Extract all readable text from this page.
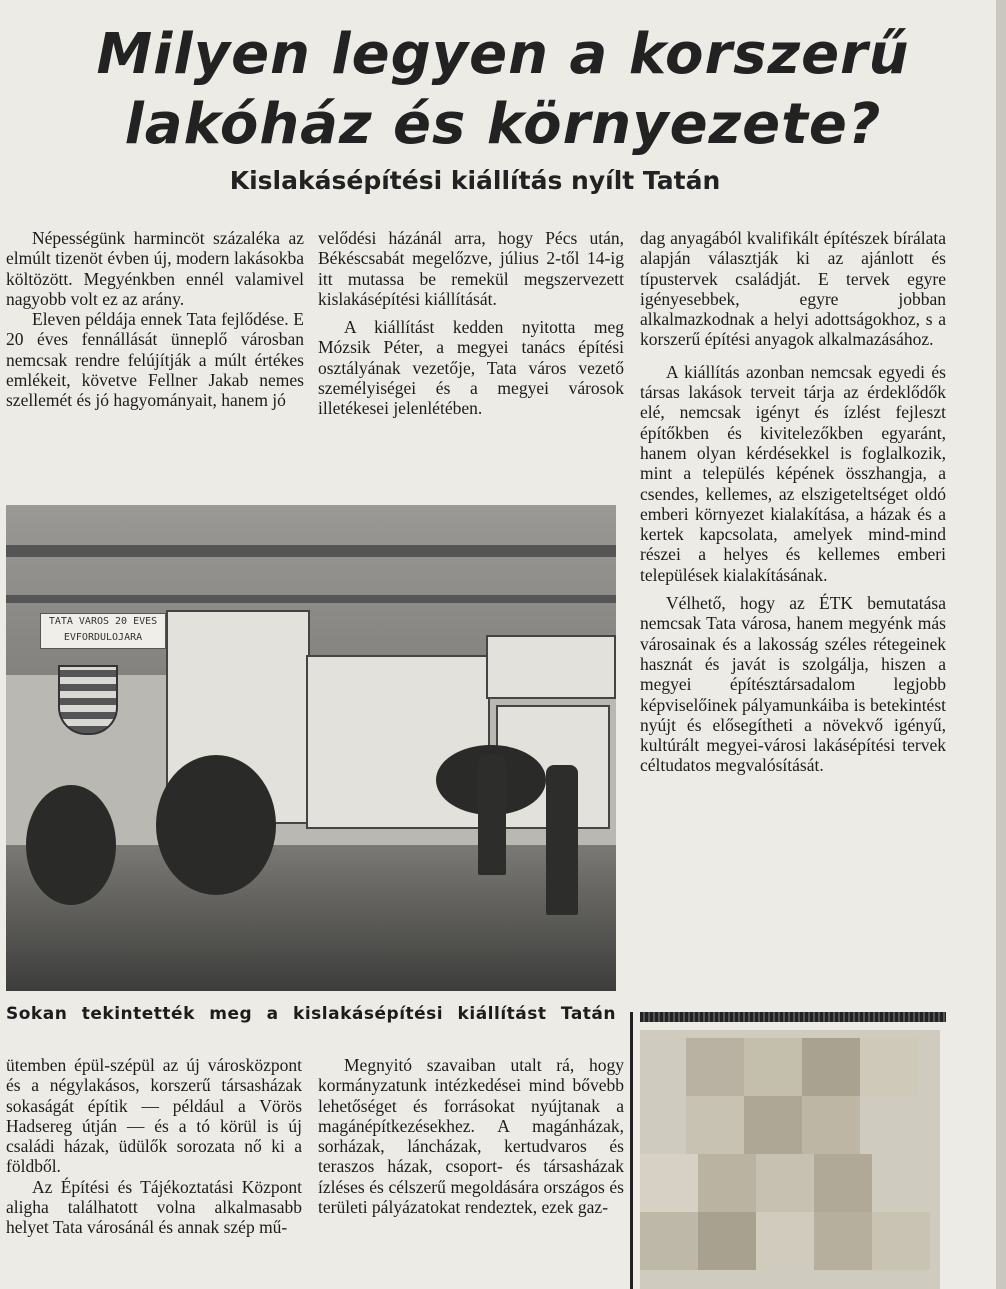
Milyen legyen a korszerű
lakóház és környezete?
Kislakásépítési kiállítás nyílt Tatán

Népességünk harmincöt százaléka az elmúlt tizenöt évben új, modern lakásokba költözött. Megyénkben ennél valamivel nagyobb volt ez az arány.

Eleven példája ennek Tata fejlődése. E 20 éves fennállását ünneplő városban nemcsak rendre felújítják a múlt értékes emlékeit, követve Fellner Jakab nemes szellemét és jó hagyományait, hanem jó

velődési házánál arra, hogy Pécs után, Békéscsabát megelőzve, július 2-től 14-ig itt mutassa be remekül megszervezett kislakásépítési kiállítását.

A kiállítást kedden nyitotta meg Mózsik Péter, a megyei tanács építési osztályának vezetője, Tata város vezető személyiségei és a megyei városok illetékesei jelenlétében.

dag anyagából kvalifikált építészek bírálata alapján választják ki az ajánlott és típustervek családját. E tervek egyre igényesebbek, egyre jobban alkalmazkodnak a helyi adottságokhoz, s a korszerű építési anyagok alkalmazásához.

A kiállítás azonban nemcsak egyedi és társas lakások terveit tárja az érdeklődők elé, nemcsak igényt és ízlést fejleszt építőkben és kivitelezőkben egyaránt, hanem olyan kérdésekkel is foglalkozik, mint a település képének összhangja, a csendes, kellemes, az elszigeteltséget oldó emberi környezet kialakítása, a házak és a kertek kapcsolata, amelyek mind-mind részei a helyes és kellemes emberi települések kialakításának.

Vélhető, hogy az ÉTK bemutatása nemcsak Tata városa, hanem megyénk más városainak és a lakosság széles rétegeinek hasznát és javát is szolgálja, hiszen a megyei építésztársadalom legjobb képviselőinek pályamunkáiba is betekintést nyújt és elősegítheti a növekvő igényű, kultúrált megyei-városi lakásépítési tervek céltudatos megvalósítását.

TATA VAROS 20 EVES
EVFORDULOJARA
Sokan tekintették meg a kislakásépítési kiállítást Tatán

ütemben épül-szépül az új városközpont és a négylakásos, korszerű társasházak sokaságát építik — például a Vörös Hadsereg útján — és a tó körül is új családi házak, üdülők sorozata nő ki a földből.

Az Építési és Tájékoztatási Központ aligha találhatott volna alkalmasabb helyet Tata városánál és annak szép mű-

Megnyitó szavaiban utalt rá, hogy kormányzatunk intézkedései mind bővebb lehetőséget és forrásokat nyújtanak a magánépítkezésekhez. A magánházak, sorházak, láncházak, kertudvaros és teraszos házak, csoport- és társasházak ízléses és célszerű megoldására országos és területi pályázatokat rendeztek, ezek gaz-
